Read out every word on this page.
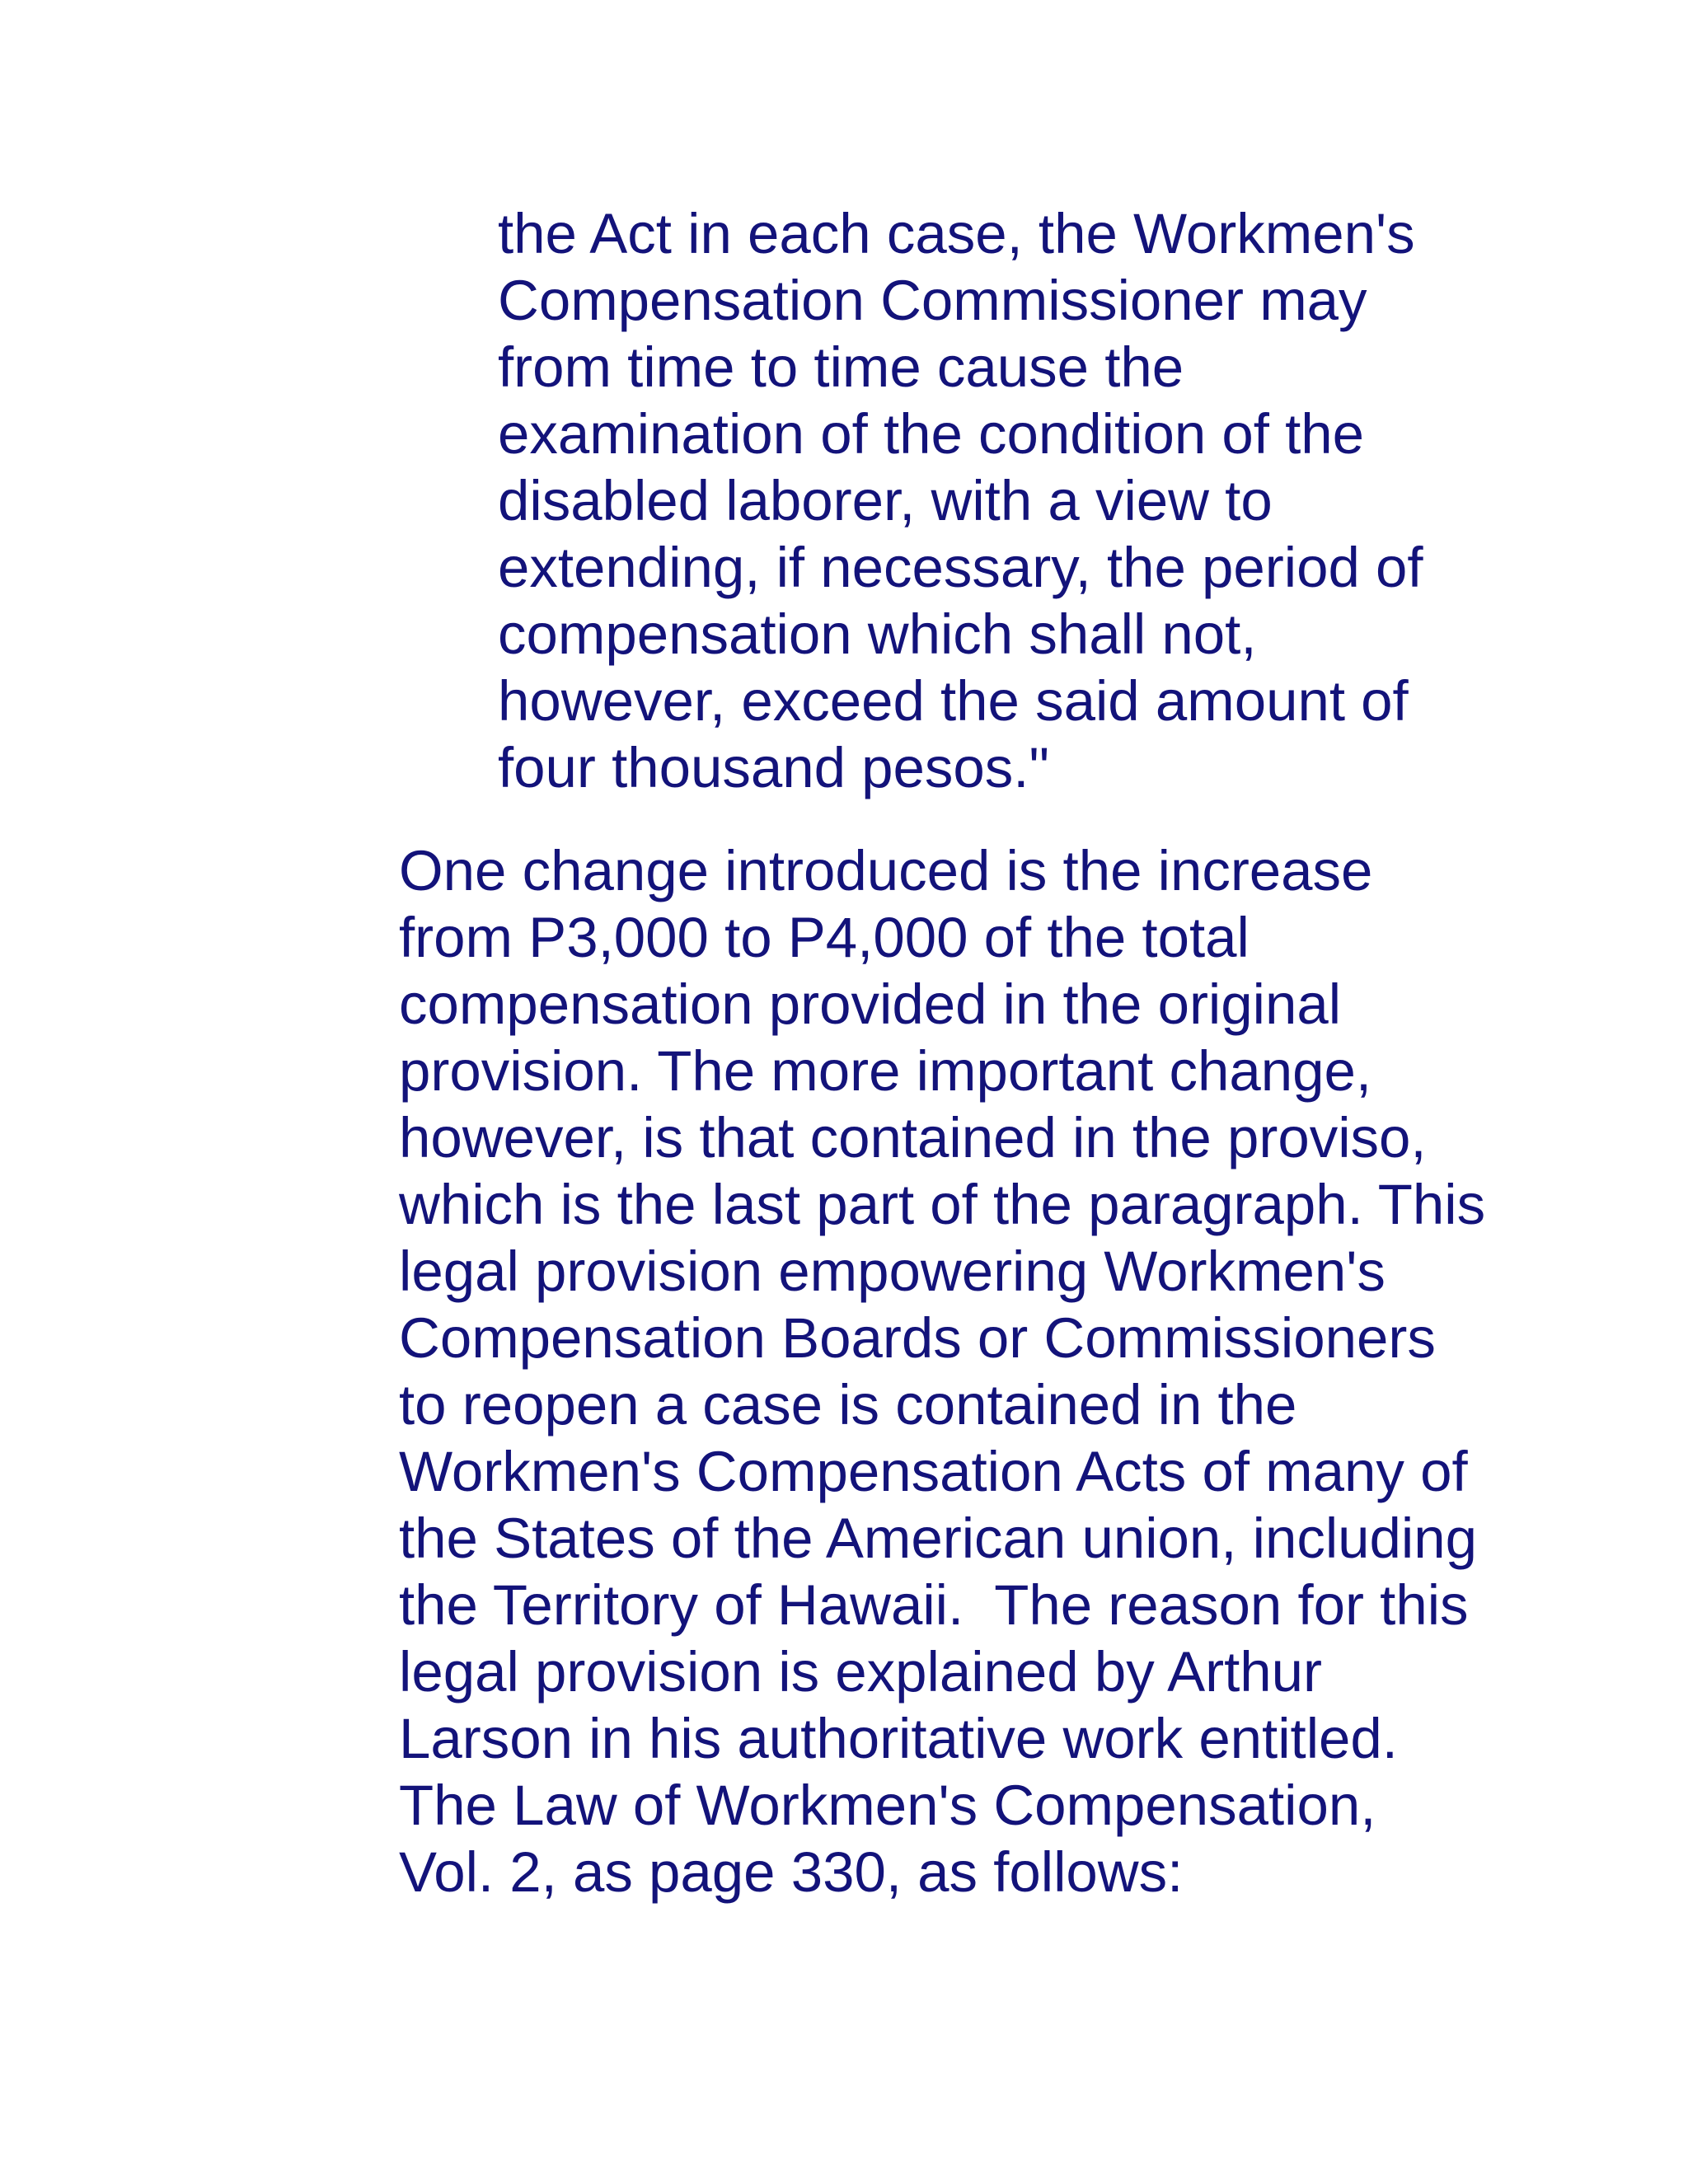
the Act in each case, the Workmen's
Compensation Commissioner may
from time to time cause the
examination of the condition of the
disabled laborer, with a view to
extending, if necessary, the period of
compensation which shall not,
however, exceed the said amount of
four thousand pesos."
One change introduced is the increase
from P3,000 to P4,000 of the total
compensation provided in the original
provision. The more important change,
however, is that contained in the proviso,
which is the last part of the paragraph. This
legal provision empowering Workmen's
Compensation Boards or Commissioners
to reopen a case is contained in the
Workmen's Compensation Acts of many of
the States of the American union, including
the Territory of Hawaii.  The reason for this
legal provision is explained by Arthur
Larson in his authoritative work entitled.
The Law of Workmen's Compensation,
Vol. 2, as page 330, as follows:
